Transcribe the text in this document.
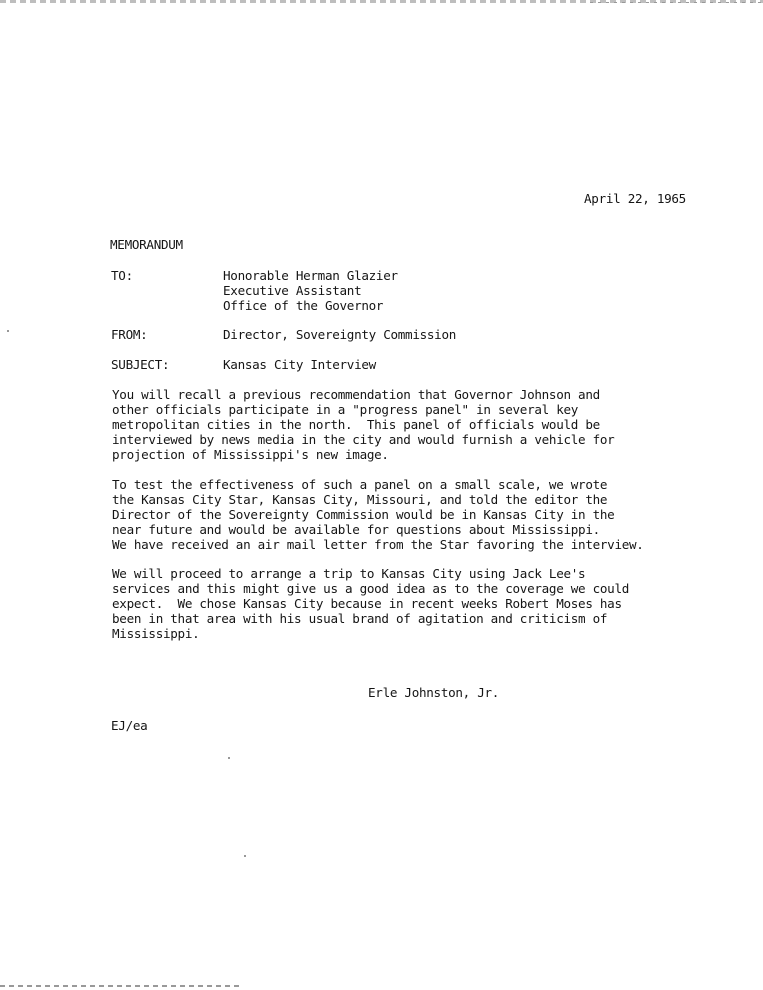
April 22, 1965
MEMORANDUM
TO:	Honorable Herman Glazier
Executive Assistant
Office of the Governor
FROM:	Director, Sovereignty Commission
SUBJECT:	Kansas City Interview
You will recall a previous recommendation that Governor Johnson and
other officials participate in a "progress panel" in several key
metropolitan cities in the north.  This panel of officials would be
interviewed by news media in the city and would furnish a vehicle for
projection of Mississippi's new image.
To test the effectiveness of such a panel on a small scale, we wrote
the Kansas City Star, Kansas City, Missouri, and told the editor the
Director of the Sovereignty Commission would be in Kansas City in the
near future and would be available for questions about Mississippi.
We have received an air mail letter from the Star favoring the interview.
We will proceed to arrange a trip to Kansas City using Jack Lee's
services and this might give us a good idea as to the coverage we could
expect.  We chose Kansas City because in recent weeks Robert Moses has
been in that area with his usual brand of agitation and criticism of
Mississippi.
Erle Johnston, Jr.
EJ/ea
